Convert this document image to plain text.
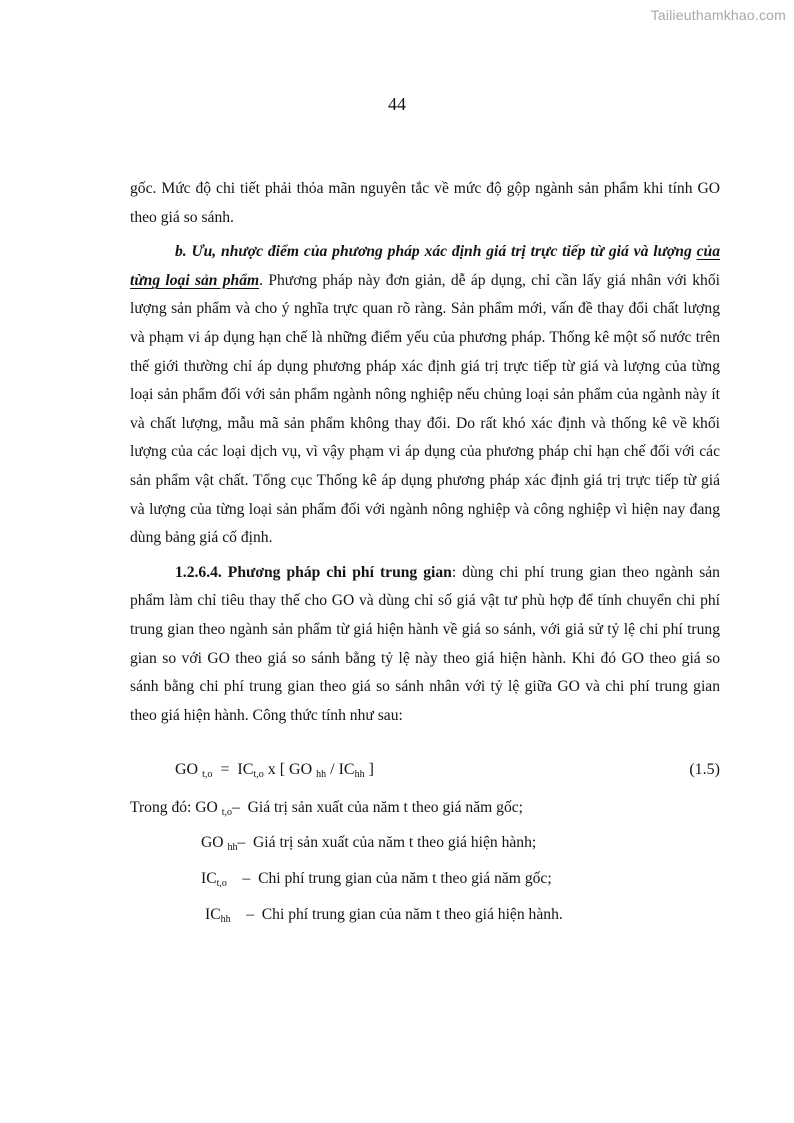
Tailieuthamkhao.com
44

gốc. Mức độ chi tiết phải thỏa mãn nguyên tắc về mức độ gộp ngành sản phẩm khi tính GO theo giá so sánh.

b. Ưu, nhược điểm của phương pháp xác định giá trị trực tiếp từ giá và lượng của từng loại sản phẩm. Phương pháp này đơn giản, dễ áp dụng, chỉ cần lấy giá nhân với khối lượng sản phẩm và cho ý nghĩa trực quan rõ ràng. Sản phẩm mới, vấn đề thay đổi chất lượng và phạm vi áp dụng hạn chế là những điểm yếu của phương pháp. Thống kê một số nước trên thế giới thường chỉ áp dụng phương pháp xác định giá trị trực tiếp từ giá và lượng của từng loại sản phẩm đối với sản phẩm ngành nông nghiệp nếu chủng loại sản phẩm của ngành này ít và chất lượng, mẫu mã sản phẩm không thay đổi. Do rất khó xác định và thống kê về khối lượng của các loại dịch vụ, vì vậy phạm vi áp dụng của phương pháp chỉ hạn chế đối với các sản phẩm vật chất. Tổng cục Thống kê áp dụng phương pháp xác định giá trị trực tiếp từ giá và lượng của từng loại sản phẩm đối với ngành nông nghiệp và công nghiệp vì hiện nay đang dùng bảng giá cố định.

1.2.6.4. Phương pháp chi phí trung gian: dùng chi phí trung gian theo ngành sản phẩm làm chỉ tiêu thay thế cho GO và dùng chỉ số giá vật tư phù hợp để tính chuyển chi phí trung gian theo ngành sản phẩm từ giá hiện hành về giá so sánh, với giả sử tỷ lệ chi phí trung gian so với GO theo giá so sánh bằng tỷ lệ này theo giá hiện hành. Khi đó GO theo giá so sánh bằng chi phí trung gian theo giá so sánh nhân với tỷ lệ giữa GO và chi phí trung gian theo giá hiện hành. Công thức tính như sau:

GO $_{t,o} = IC_{t,o}$ x [ GO $_{hh} / IC_{hh}$ ]	(1.5)
Trong đó: GO $_{t,o}$– Giá trị sản xuất của năm t theo giá năm gốc;
GO $_{hh}$– Giá trị sản xuất của năm t theo giá hiện hành;
$IC_{t,o}$ – Chi phí trung gian của năm t theo giá năm gốc;
$IC_{hh}$ – Chi phí trung gian của năm t theo giá hiện hành.
